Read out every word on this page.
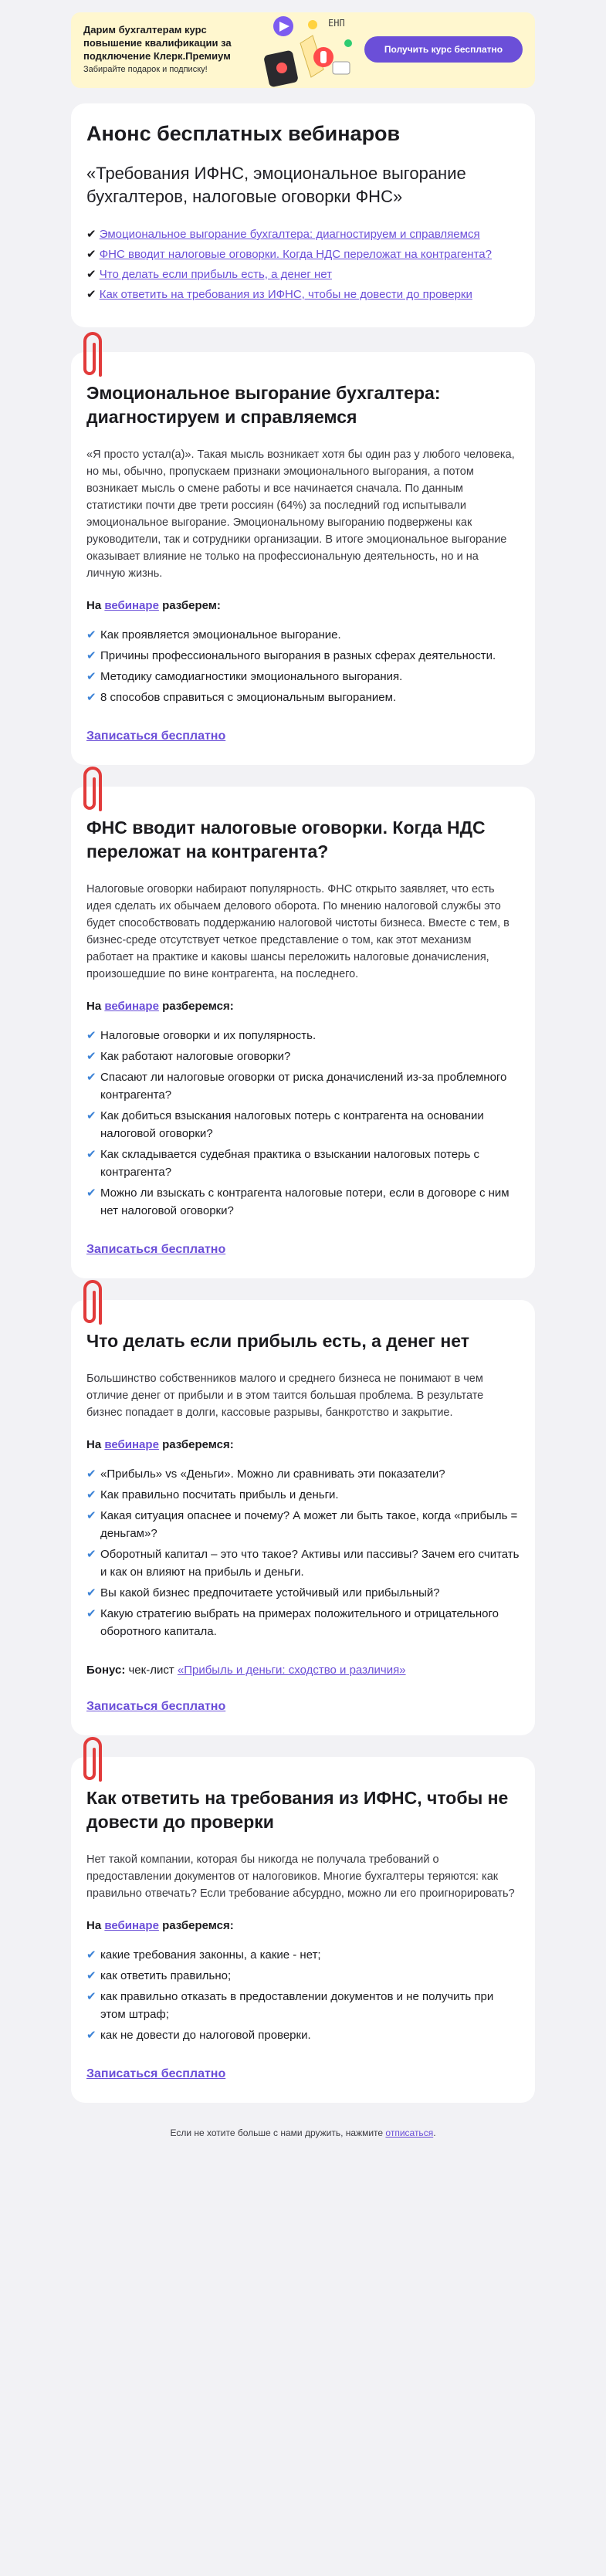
Дарим бухгалтерам курс повышение квалификации за подключение Клерк.Премиум
Забирайте подарок и подписку!
ЕНП
Получить курс бесплатно
Анонс бесплатных вебинаров
«Требования ИФНС, эмоциональное выгорание бухгалтеров, налоговые оговорки ФНС»
✔ Эмоциональное выгорание бухгалтера: диагностируем и справляемся
✔ ФНС вводит налоговые оговорки. Когда НДС переложат на контрагента?
✔ Что делать если прибыль есть, а денег нет
✔ Как ответить на требования из ИФНС, чтобы не довести до проверки
Эмоциональное выгорание бухгалтера: диагностируем и справляемся
«Я просто устал(а)». Такая мысль возникает хотя бы один раз у любого человека, но мы, обычно, пропускаем признаки эмоционального выгорания, а потом возникает мысль о смене работы и все начинается сначала. По данным статистики почти две трети россиян (64%) за последний год испытывали эмоциональное выгорание. Эмоциональному выгоранию подвержены как руководители, так и сотрудники организации. В итоге эмоциональное выгорание оказывает влияние не только на профессиональную деятельность, но и на личную жизнь.
На вебинаре разберем:
✔ Как проявляется эмоциональное выгорание.
✔ Причины профессионального выгорания в разных сферах деятельности.
✔ Методику самодиагностики эмоционального выгорания.
✔ 8 способов справиться с эмоциональным выгоранием.
Записаться бесплатно
ФНС вводит налоговые оговорки. Когда НДС переложат на контрагента?
Налоговые оговорки набирают популярность. ФНС открыто заявляет, что есть идея сделать их обычаем делового оборота. По мнению налоговой службы это будет способствовать поддержанию налоговой чистоты бизнеса. Вместе с тем, в бизнес-среде отсутствует четкое представление о том, как этот механизм работает на практике и каковы шансы переложить налоговые доначисления, произошедшие по вине контрагента, на последнего.
На вебинаре разберемся:
✔ Налоговые оговорки и их популярность.
✔ Как работают налоговые оговорки?
✔ Спасают ли налоговые оговорки от риска доначислений из-за проблемного контрагента?
✔ Как добиться взыскания налоговых потерь с контрагента на основании налоговой оговорки?
✔ Как складывается судебная практика о взыскании налоговых потерь с контрагента?
✔ Можно ли взыскать с контрагента налоговые потери, если в договоре с ним нет налоговой оговорки?
Записаться бесплатно
Что делать если прибыль есть, а денег нет
Большинство собственников малого и среднего бизнеса не понимают в чем отличие денег от прибыли и в этом таится большая проблема. В результате бизнес попадает в долги, кассовые разрывы, банкротство и закрытие.
На вебинаре разберемся:
✔ «Прибыль» vs «Деньги». Можно ли сравнивать эти показатели?
✔ Как правильно посчитать прибыль и деньги.
✔ Какая ситуация опаснее и почему? А может ли быть такое, когда «прибыль = деньгам»?
✔ Оборотный капитал – это что такое? Активы или пассивы? Зачем его считать и как он влияют на прибыль и деньги.
✔ Вы какой бизнес предпочитаете устойчивый или прибыльный?
✔ Какую стратегию выбрать на примерах положительного и отрицательного оборотного капитала.
Бонус: чек-лист «Прибыль и деньги: сходство и различия»
Записаться бесплатно
Как ответить на требования из ИФНС, чтобы не довести до проверки
Нет такой компании, которая бы никогда не получала требований о предоставлении документов от налоговиков. Многие бухгалтеры теряются: как правильно отвечать? Если требование абсурдно, можно ли его проигнорировать?
На вебинаре разберемся:
✔ какие требования законны, а какие - нет;
✔ как ответить правильно;
✔ как правильно отказать в предоставлении документов и не получить при этом штраф;
✔ как не довести до налоговой проверки.
Записаться бесплатно
Если не хотите больше с нами дружить, нажмите отписаться.
